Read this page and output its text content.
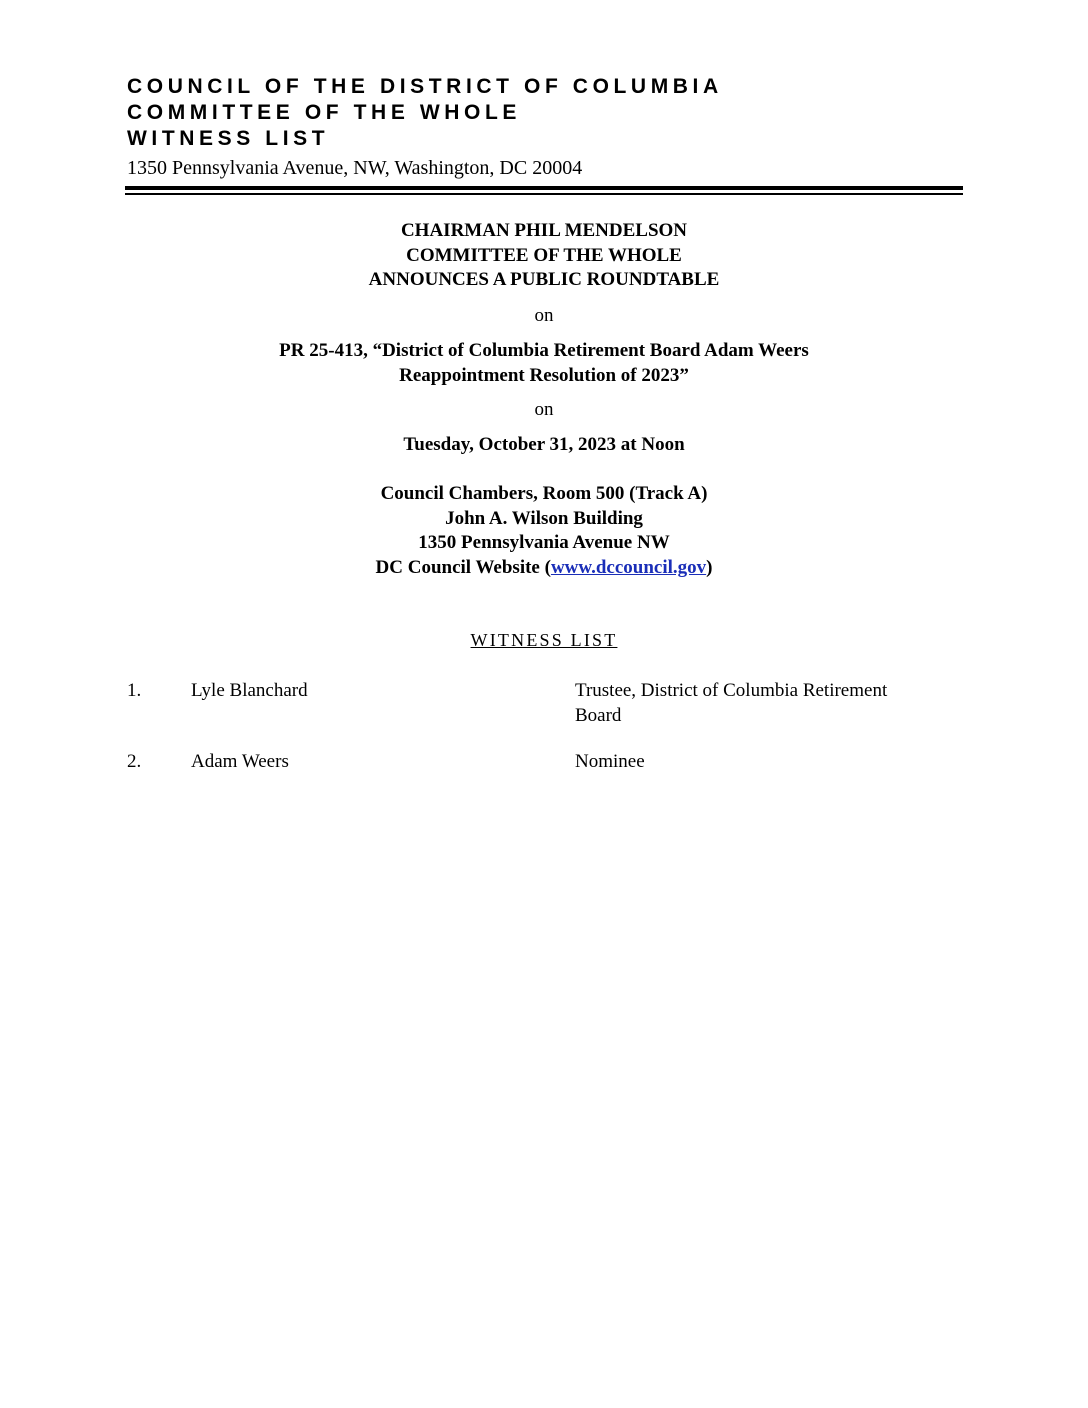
COUNCIL OF THE DISTRICT OF COLUMBIA
COMMITTEE OF THE WHOLE
WITNESS LIST
1350 Pennsylvania Avenue, NW, Washington, DC 20004
CHAIRMAN PHIL MENDELSON
COMMITTEE OF THE WHOLE
ANNOUNCES A PUBLIC ROUNDTABLE
on
PR 25-413, “District of Columbia Retirement Board Adam Weers
Reappointment Resolution of 2023”
on
Tuesday, October 31, 2023 at Noon
Council Chambers, Room 500 (Track A)
John A. Wilson Building
1350 Pennsylvania Avenue NW
DC Council Website (www.dccouncil.gov)
WITNESS LIST
1.	Lyle Blanchard	Trustee, District of Columbia Retirement
Board
2.	Adam Weers	Nominee
